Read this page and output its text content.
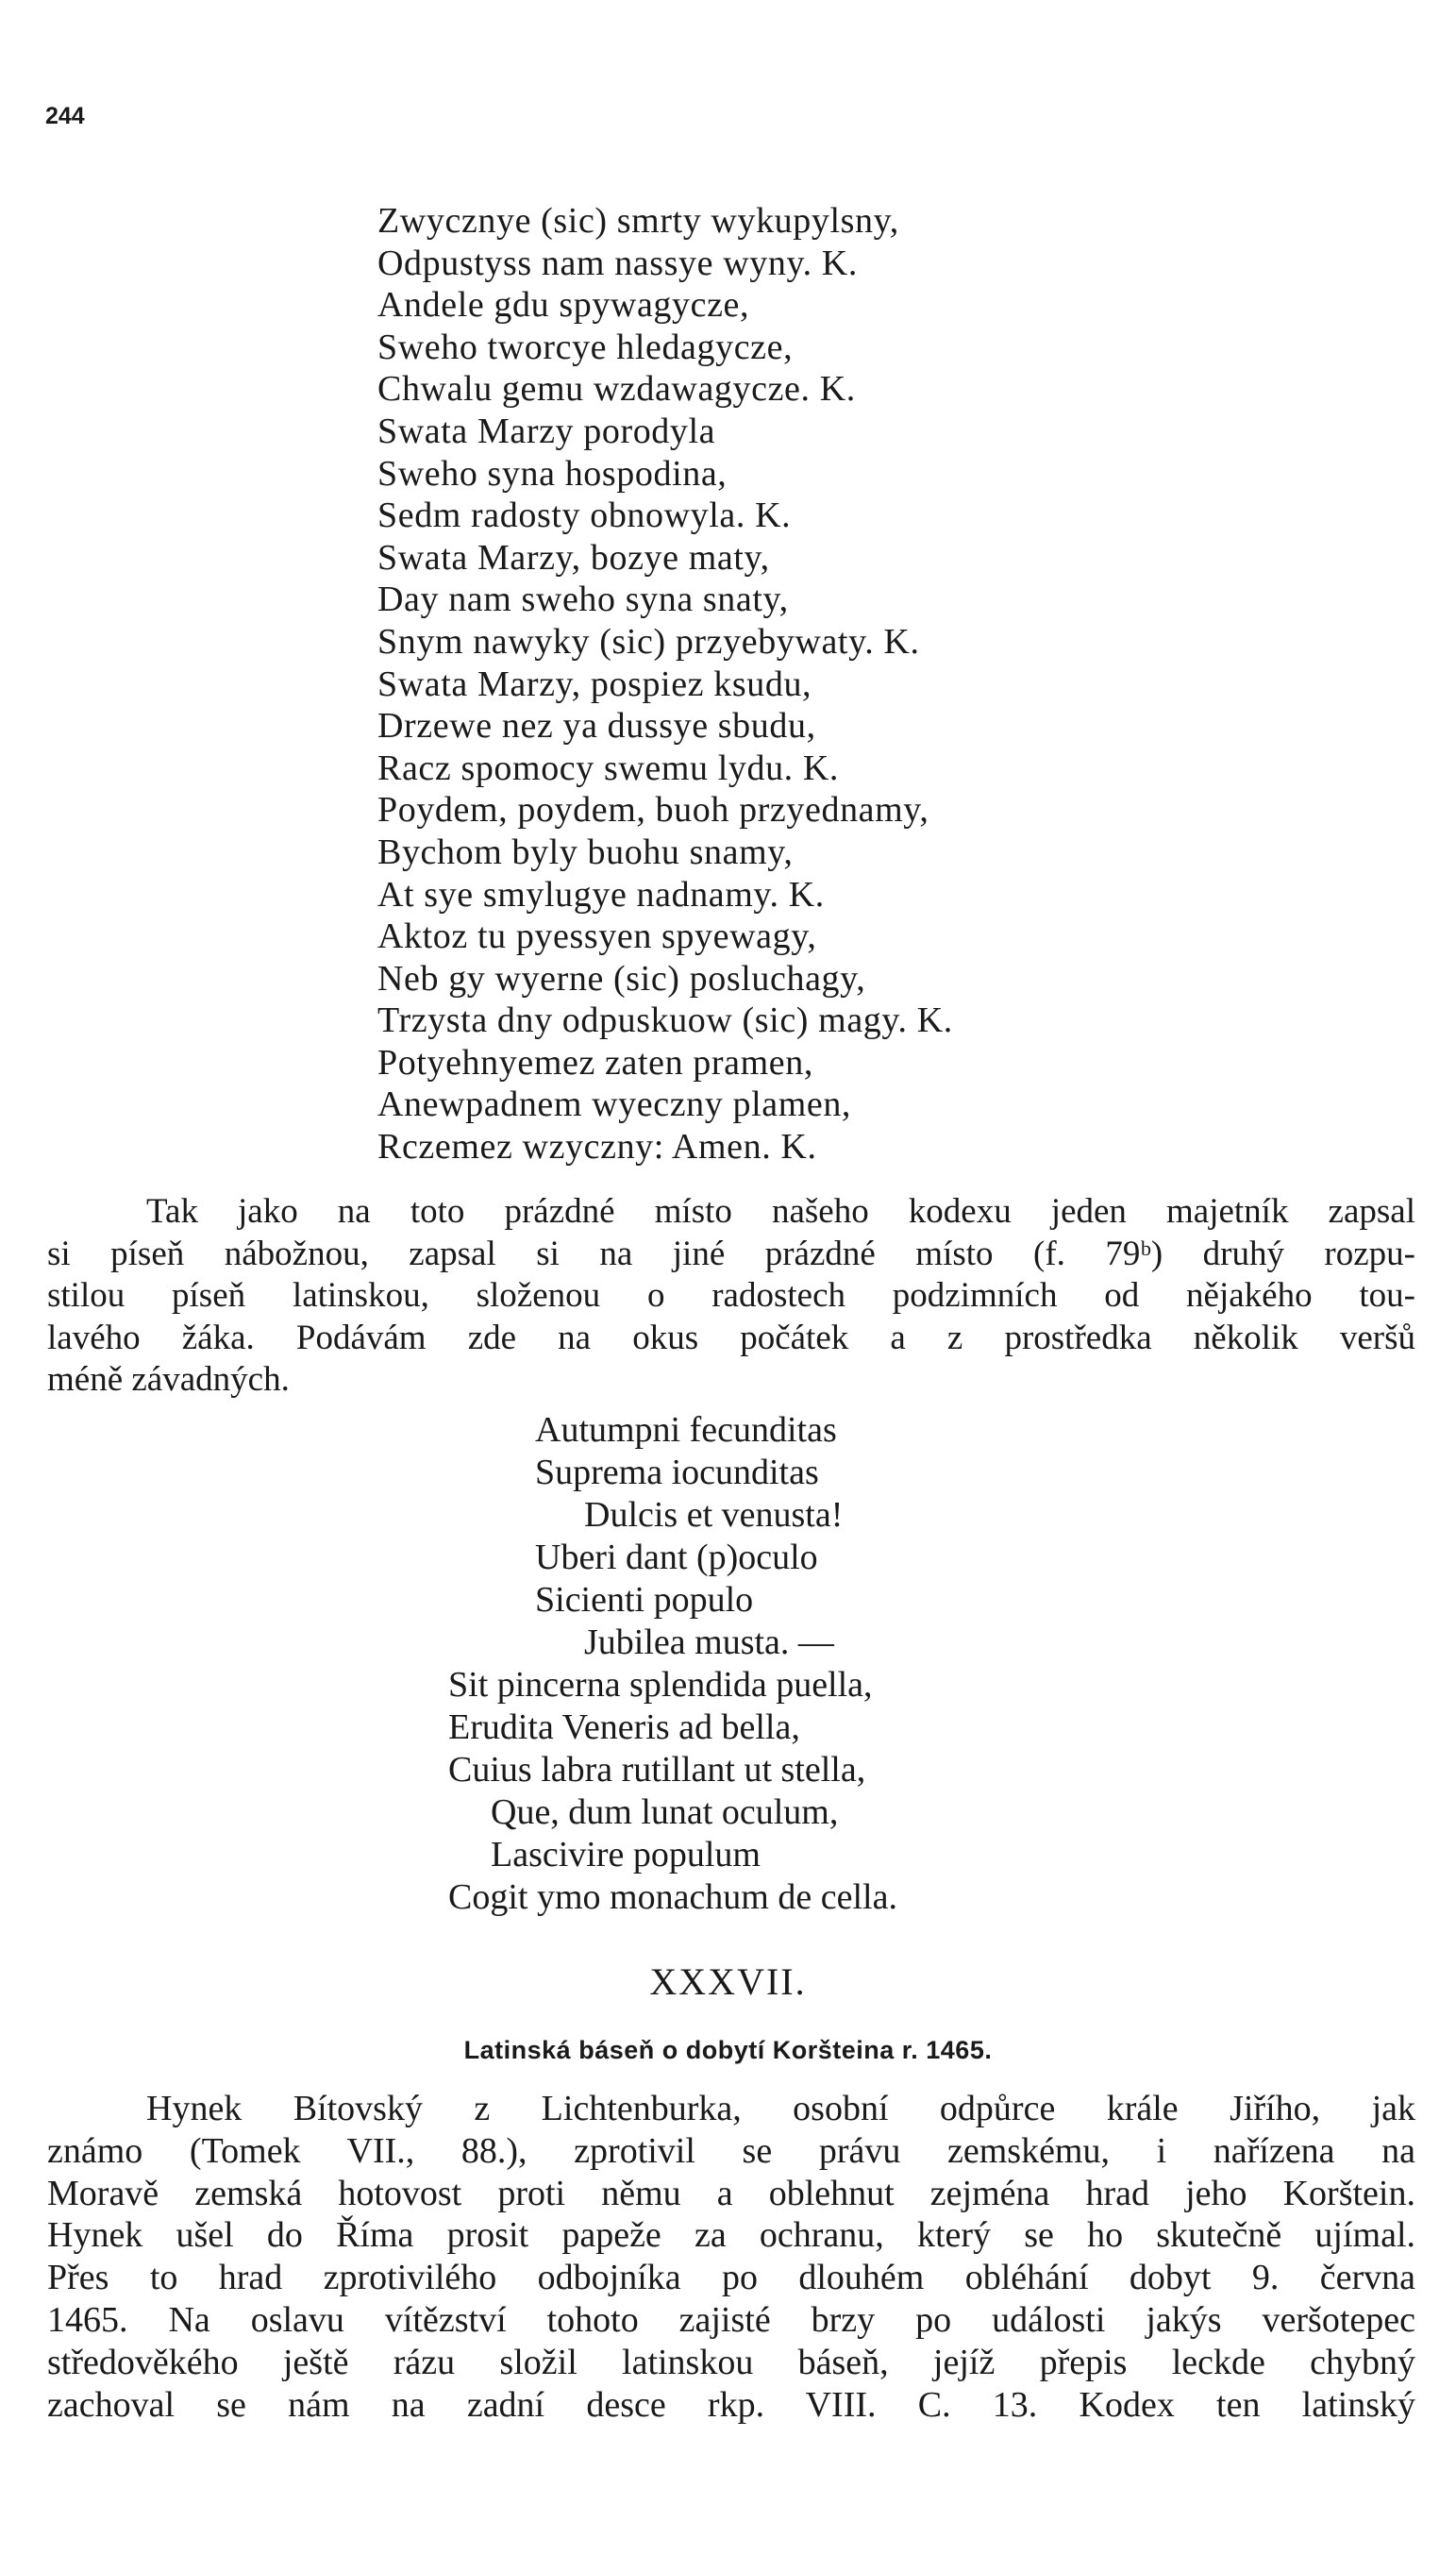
244
Zwycznye (sic) smrty wykupylsny,
Odpustyss nam nassye wyny. K.
Andele gdu spywagycze,
Sweho tworcye hledagycze,
Chwalu gemu wzdawagycze. K.
Swata Marzy porodyla
Sweho syna hospodina,
Sedm radosty obnowyla. K.
Swata Marzy, bozye maty,
Day nam sweho syna snaty,
Snym nawyky (sic) przyebywaty. K.
Swata Marzy, pospiez ksudu,
Drzewe nez ya dussye sbudu,
Racz spomocy swemu lydu. K.
Poydem, poydem, buoh przyednamy,
Bychom byly buohu snamy,
At sye smylugye nadnamy. K.
Aktoz tu pyessyen spyewagy,
Neb gy wyerne (sic) posluchagy,
Trzysta dny odpuskuow (sic) magy. K.
Potyehnyemez zaten pramen,
Anewpadnem wyeczny plamen,
Rczemez wzyczny: Amen. K.
Tak jako na toto prázdné místo našeho kodexu jeden majetník zapsal
si píseň nábožnou, zapsal si na jiné prázdné místo (f. 79ᵇ) druhý rozpu-
stilou píseň latinskou, složenou o radostech podzimních od nějakého tou-
lavého žáka. Podávám zde na okus počátek a z prostředka několik veršů
méně závadných.
Autumpni fecunditas
Suprema iocunditas
Dulcis et venusta!
Uberi dant (p)oculo
Sicienti populo
Jubilea musta. —
Sit pincerna splendida puella,
Erudita Veneris ad bella,
Cuius labra rutillant ut stella,
Que, dum lunat oculum,
Lascivire populum
Cogit ymo monachum de cella.
XXXVII.
Latinská báseň o dobytí Koršteina r. 1465.
Hynek Bítovský z Lichtenburka, osobní odpůrce krále Jiřího, jak
známo (Tomek VII., 88.), zprotivil se právu zemskému, i nařízena na
Moravě zemská hotovost proti němu a oblehnut zejména hrad jeho Korštein.
Hynek ušel do Říma prosit papeže za ochranu, který se ho skutečně ujímal.
Přes to hrad zprotivilého odbojníka po dlouhém obléhání dobyt 9. června
1465. Na oslavu vítězství tohoto zajisté brzy po události jakýs veršotepec
středověkého ještě rázu složil latinskou báseň, jejíž přepis leckde chybný
zachoval se nám na zadní desce rkp. VIII. C. 13. Kodex ten latinský
